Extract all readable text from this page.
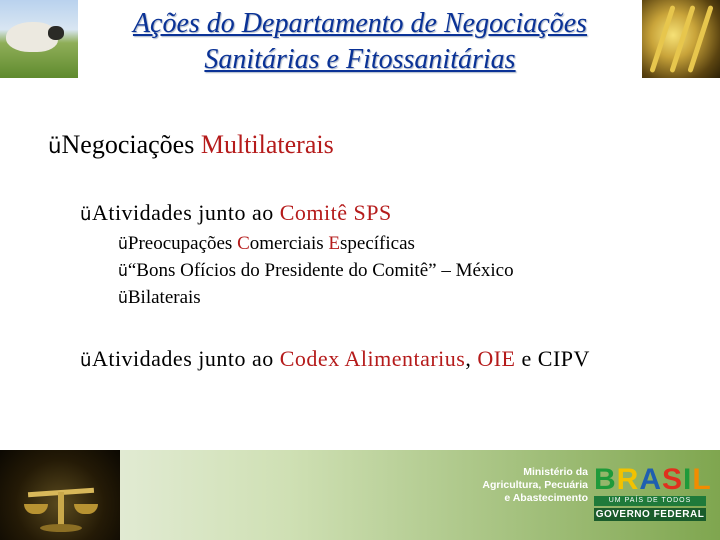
Ações do Departamento de Negociações
Sanitárias e Fitossanitárias

üNegociações Multilaterais

üAtividades junto ao Comitê SPS

üPreocupações Comerciais Específicas

ü“Bons Ofícios do Presidente do Comitê” – México

üBilaterais

üAtividades junto ao Codex Alimentarius, OIE e CIPV

Ministério da
Agricultura, Pecuária
e Abastecimento
BRASIL
UM PAÍS DE TODOS
GOVERNO FEDERAL
